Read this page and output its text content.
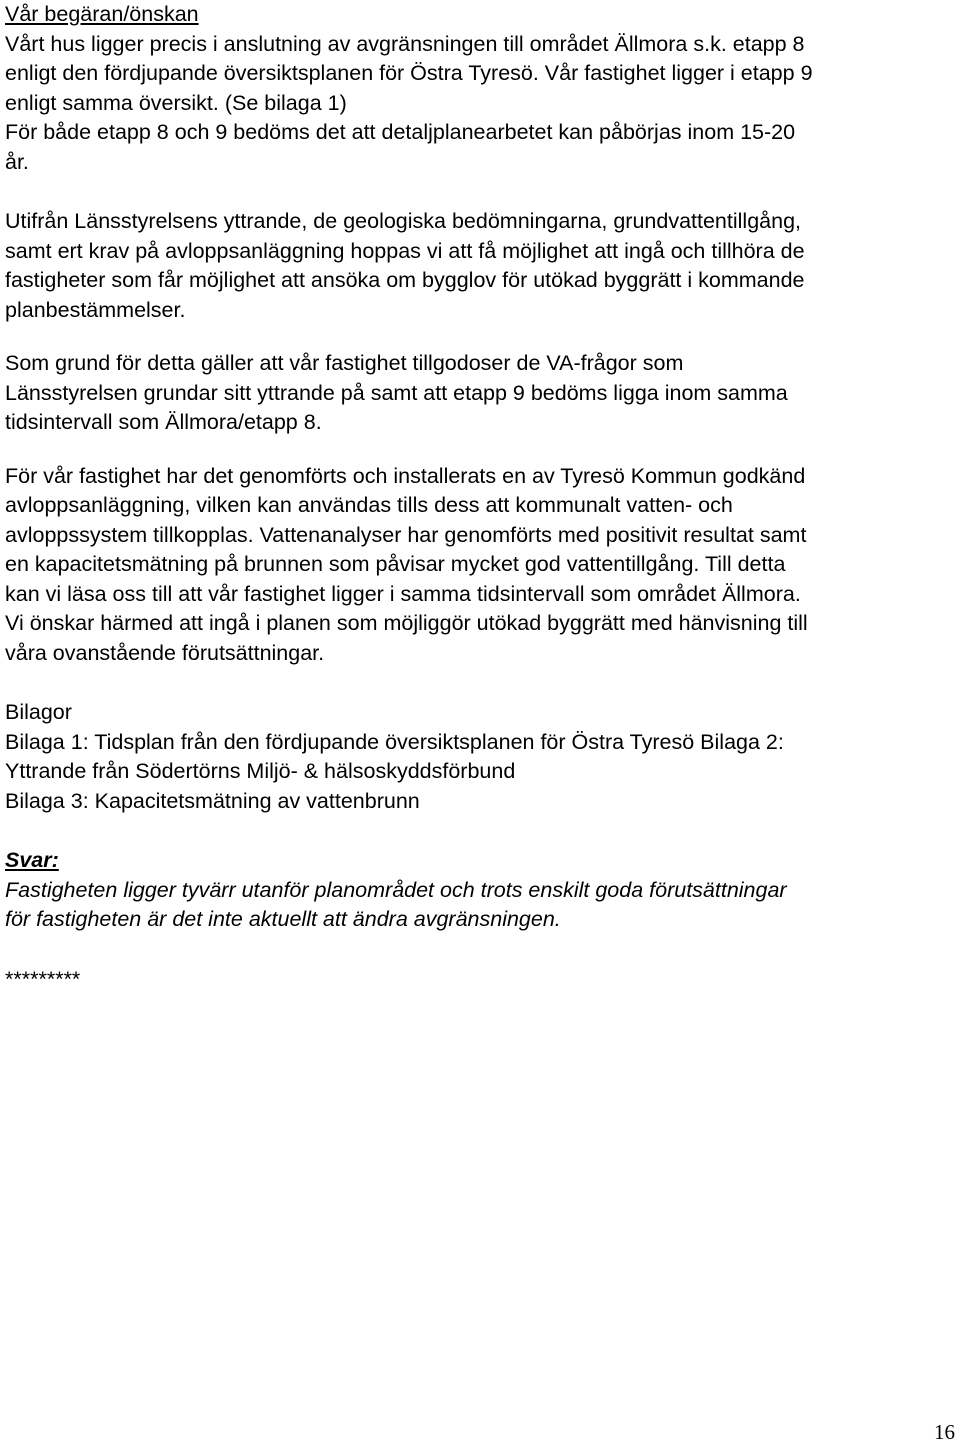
Vår begäran/önskan
Vårt hus ligger precis i anslutning av avgränsningen till området Ällmora s.k. etapp 8
enligt den fördjupande översiktsplanen för Östra Tyresö. Vår fastighet ligger i etapp 9
enligt samma översikt. (Se bilaga 1)
För både etapp 8 och 9 bedöms det att detaljplanearbetet kan påbörjas inom 15-20
år.
Utifrån Länsstyrelsens yttrande, de geologiska bedömningarna, grundvattentillgång,
samt ert krav på avloppsanläggning hoppas vi att få möjlighet att ingå och tillhöra de
fastigheter som får möjlighet att ansöka om bygglov för utökad byggrätt i kommande
planbestämmelser.
Som grund för detta gäller att vår fastighet tillgodoser de VA-frågor som
Länsstyrelsen grundar sitt yttrande på samt att etapp 9 bedöms ligga inom samma
tidsintervall som Ällmora/etapp 8.
För vår fastighet har det genomförts och installerats en av Tyresö Kommun godkänd
avloppsanläggning, vilken kan användas tills dess att kommunalt vatten- och
avloppssystem tillkopplas. Vattenanalyser har genomförts med positivit resultat samt
en kapacitetsmätning på brunnen som påvisar mycket god vattentillgång. Till detta
kan vi läsa oss till att vår fastighet ligger i samma tidsintervall som området Ällmora.
Vi önskar härmed att ingå i planen som möjliggör utökad byggrätt med hänvisning till
våra ovanstående förutsättningar.
Bilagor
Bilaga 1: Tidsplan från den fördjupande översiktsplanen för Östra Tyresö Bilaga 2:
Yttrande från Södertörns Miljö- & hälsoskyddsförbund
Bilaga 3: Kapacitetsmätning av vattenbrunn
Svar:
Fastigheten ligger tyvärr utanför planområdet och trots enskilt goda förutsättningar
för fastigheten är det inte aktuellt att ändra avgränsningen.
*********
16
